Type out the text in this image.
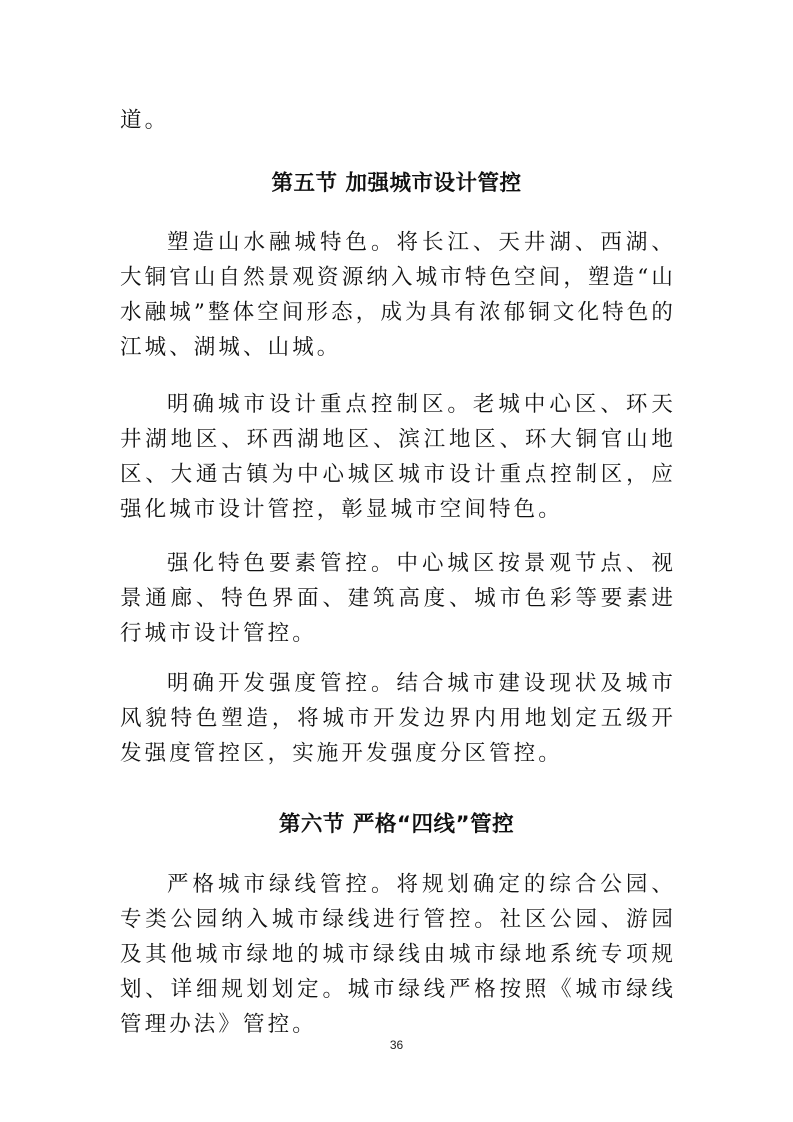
道。

第五节 加强城市设计管控

塑造山水融城特色。将长江、天井湖、西湖、大铜官山自然景观资源纳入城市特色空间，塑造“山水融城”整体空间形态，成为具有浓郁铜文化特色的江城、湖城、山城。

明确城市设计重点控制区。老城中心区、环天井湖地区、环西湖地区、滨江地区、环大铜官山地区、大通古镇为中心城区城市设计重点控制区，应强化城市设计管控，彰显城市空间特色。

强化特色要素管控。中心城区按景观节点、视景通廊、特色界面、建筑高度、城市色彩等要素进行城市设计管控。

明确开发强度管控。结合城市建设现状及城市风貌特色塑造，将城市开发边界内用地划定五级开发强度管控区，实施开发强度分区管控。

第六节 严格“四线”管控

严格城市绿线管控。将规划确定的综合公园、专类公园纳入城市绿线进行管控。社区公园、游园及其他城市绿地的城市绿线由城市绿地系统专项规划、详细规划划定。城市绿线严格按照《城市绿线管理办法》管控。

36
